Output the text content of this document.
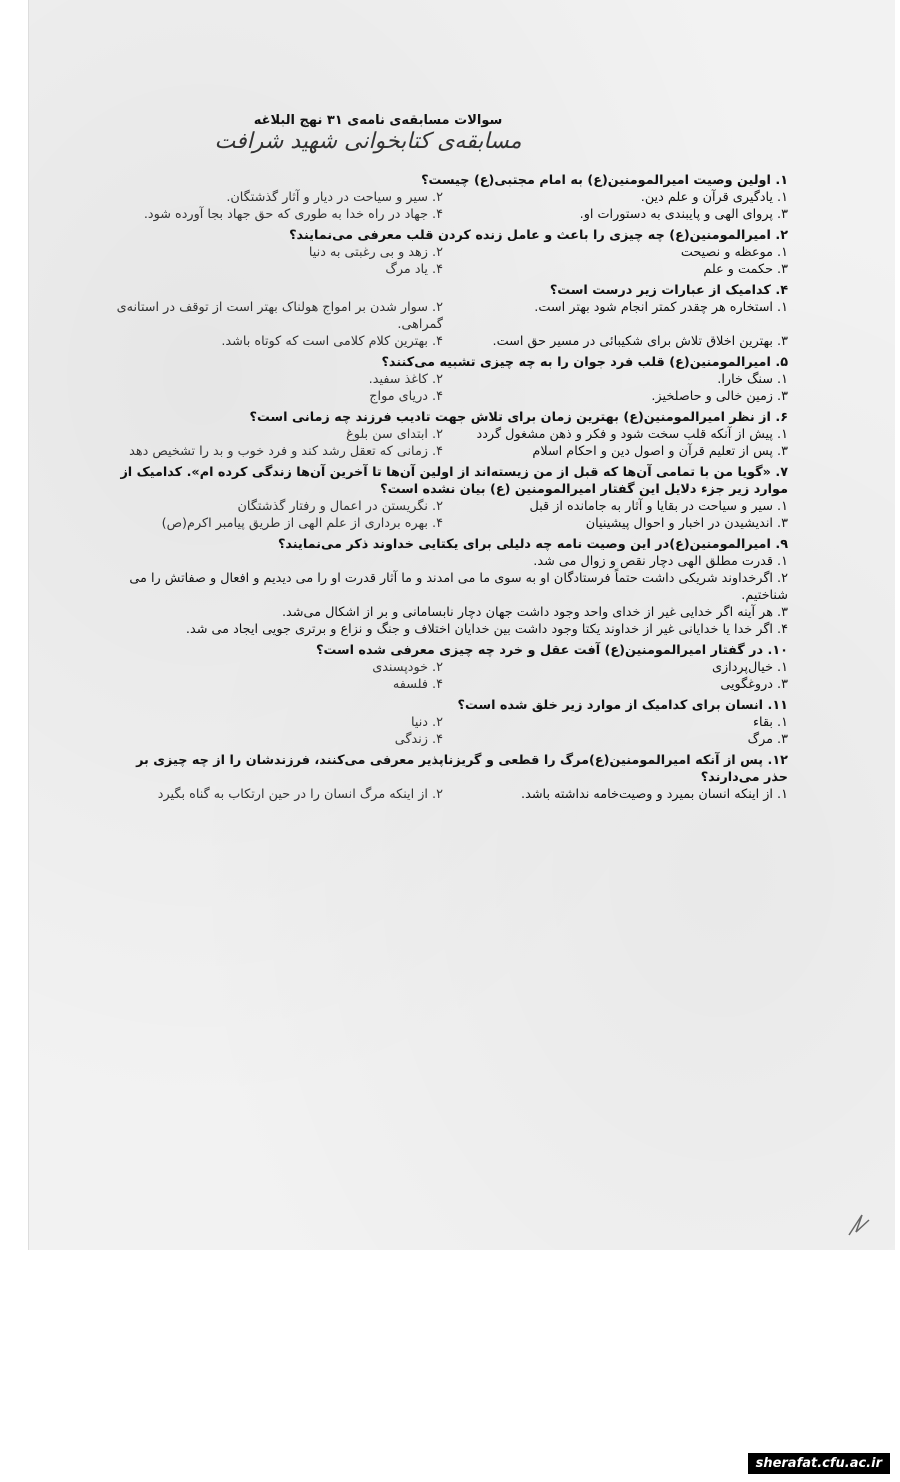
سوالات مسابقه‌ی نامه‌ی ۳۱ نهج البلاغه
مسابقه‌ی کتابخوانی شهید شرافت
۱. اولین وصیت امیرالمومنین(ع) به امام مجتبی(ع) چیست؟
۱. یادگیری قرآن و علم دین.
۲. سیر و سیاحت در دیار و آثار گذشتگان.
۳. پروای الهی و پایبندی به دستورات او.
۴. جهاد در راه خدا به طوری که حق جهاد بجا آورده شود.
۲. امیرالمومنین(ع) چه چیزی را باعث و عامل زنده کردن قلب معرفی می‌نمایند؟
۱. موعظه و نصیحت
۲. زهد و بی رغبتی به دنیا
۳. حکمت و علم
۴. یاد مرگ
۴. کدامیک از عبارات زیر درست است؟
۱. استخاره هر چقدر کمتر انجام شود بهتر است.
۲. سوار شدن بر امواج هولناک بهتر است از توقف در استانه‌ی گمراهی.
۳. بهترین اخلاق تلاش برای شکیبائی در مسیر حق است.
۴. بهترین کلام کلامی است که کوتاه باشد.
۵. امیرالمومنین(ع) قلب فرد جوان را به چه چیزی تشبیه می‌کنند؟
۱. سنگ خارا.
۲. کاغذ سفید.
۳. زمین خالی و حاصلخیز.
۴. دریای مواج
۶. از نظر امیرالمومنین(ع) بهترین زمان برای تلاش جهت تادیب فرزند چه زمانی است؟
۱. پیش از آنکه قلب سخت شود و فکر و ذهن مشغول گردد
۲. ابتدای سن بلوغ
۳. پس از تعلیم قرآن و اصول دین و احکام اسلام
۴. زمانی که تعقل رشد کند و فرد خوب و بد را تشخیص دهد
۷. «گویا من با تمامی آن‌ها که قبل از من زیسته‌اند از اولین آن‌ها تا آخرین آن‌ها زندگی کرده ام». کدامیک از موارد زیر جزء دلایل این گفتار امیرالمومنین (ع) بیان نشده است؟
۱. سیر و سیاحت در بقایا و آثار به جامانده از قبل
۲. نگریستن در اعمال و رفتار گذشتگان
۳. اندیشیدن در اخبار و احوال پیشینیان
۴. بهره برداری از علم الهی از طریق پیامبر اکرم(ص)
۹. امیرالمومنین(ع)در این وصیت نامه چه دلیلی برای یکتایی خداوند ذکر می‌نمایند؟
۱. قدرت مطلق الهی دچار نقص و زوال می شد.
۲. اگرخداوند شریکی داشت حتماً فرستادگان او به سوی ما می امدند و ما آثار قدرت او را می دیدیم و افعال و صفاتش را می شناختیم.
۳. هر آینه اگر خدایی غیر از خدای واحد وجود داشت جهان دچار نابسامانی و بر از اشکال می‌شد.
۴. اگر خدا یا خدایانی غیر از خداوند یکتا وجود داشت بین خدایان اختلاف و جنگ و نزاع و برتری جویی ایجاد می شد.
۱۰. در گفتار امیرالمومنین(ع) آفت عقل و خرد چه چیزی معرفی شده است؟
۱. خیال‌پردازی
۲. خودپسندی
۳. دروغگویی
۴. فلسفه
۱۱. انسان برای کدامیک از موارد زیر خلق شده است؟
۱. بقاء
۲. دنیا
۳. مرگ
۴. زندگی
۱۲. پس از آنکه امیرالمومنین(ع)مرگ را قطعی و گریزناپذیر معرفی می‌کنند، فرزندشان را از چه چیزی بر حذر می‌دارند؟
۱. از اینکه انسان بمیرد و وصیت‌خامه نداشته باشد.
۲. از اینکه مرگ انسان را در حین ارتکاب به گناه بگیرد
sherafat.cfu.ac.ir
